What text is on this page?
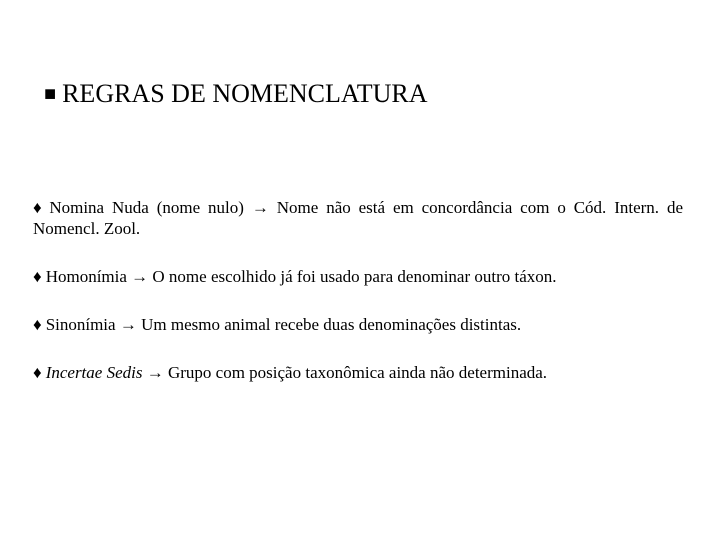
■ REGRAS DE NOMENCLATURA

♦ Nomina Nuda (nome nulo) → Nome não está em concordância com o Cód. Intern. de Nomencl. Zool.

♦ Homonímia → O nome escolhido já foi usado para denominar outro táxon.

♦ Sinonímia → Um mesmo animal recebe duas denominações distintas.

♦ Incertae Sedis → Grupo com posição taxonômica ainda não determinada.
